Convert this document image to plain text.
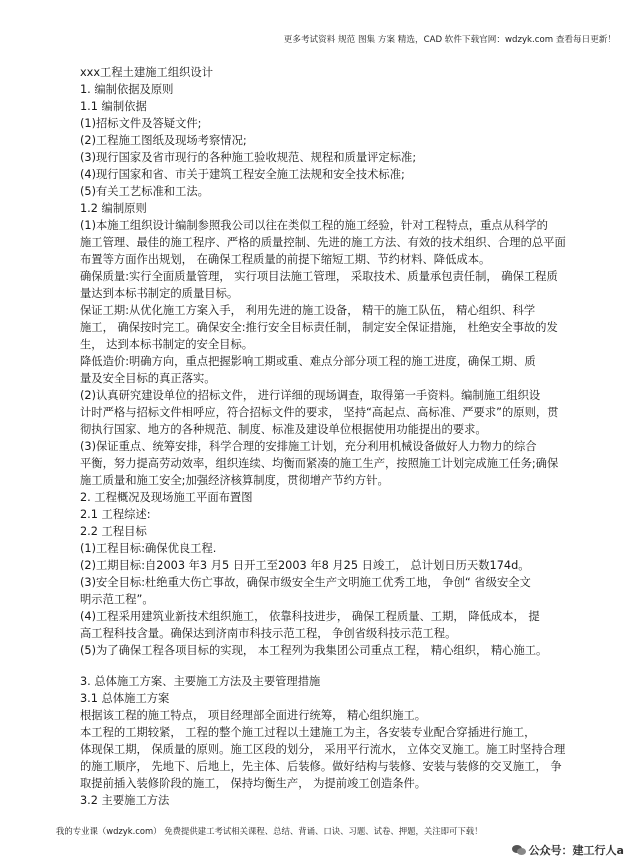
更多考试资料 规范 图集 方案 精选，CAD 软件下载官网：wdzyk.com 查看每日更新！
xxx工程土建施工组织设计
1. 编制依据及原则
1.1 编制依据
(1)招标文件及答疑文件;
(2)工程施工图纸及现场考察情况;
(3)现行国家及省市现行的各种施工验收规范、规程和质量评定标准;
(4)现行国家和省、市关于建筑工程安全施工法规和安全技术标准;
(5)有关工艺标准和工法。
1.2 编制原则
(1)本施工组织设计编制参照我公司以往在类似工程的施工经验，针对工程特点，重点从科学的
施工管理、最佳的施工程序、严格的质量控制、先进的施工方法、有效的技术组织、合理的总平面
布置等方面作出规划， 在确保工程质量的前提下缩短工期、节约材料、降低成本。
确保质量:实行全面质量管理， 实行项目法施工管理， 采取技术、质量承包责任制， 确保工程质
量达到本标书制定的质量目标。
保证工期:从优化施工方案入手， 利用先进的施工设备， 精干的施工队伍， 精心组织、科学
施工， 确保按时完工。确保安全:推行安全目标责任制， 制定安全保证措施， 杜绝安全事故的发
生， 达到本标书制定的安全目标。
降低造价:明确方向，重点把握影响工期或重、难点分部分项工程的施工进度，确保工期、质
量及安全目标的真正落实。
(2)认真研究建设单位的招标文件， 进行详细的现场调查，取得第一手资料。编制施工组织设
计时严格与招标文件相呼应，符合招标文件的要求， 坚持“高起点、高标准、严要求”的原则，贯
彻执行国家、地方的各种规范、制度、标准及建设单位根据使用功能提出的要求。
(3)保证重点、统筹安排，科学合理的安排施工计划，充分利用机械设备做好人力物力的综合
平衡，努力提高劳动效率，组织连续、均衡而紧凑的施工生产，按照施工计划完成施工任务;确保
施工质量和施工安全;加强经济核算制度，贯彻增产节约方针。
2. 工程概况及现场施工平面布置图
2.1 工程综述:
2.2 工程目标
(1)工程目标:确保优良工程.
(2)工期目标:自2003 年3 月5 日开工至2003 年8 月25 日竣工， 总计划日历天数174d。
(3)安全目标:杜绝重大伤亡事故，确保市级安全生产文明施工优秀工地， 争创“ 省级安全文
明示范工程”。
(4)工程采用建筑业新技术组织施工， 依靠科技进步， 确保工程质量、工期， 降低成本， 提
高工程科技含量。确保达到济南市科技示范工程， 争创省级科技示范工程。
(5)为了确保工程各项目标的实现， 本工程列为我集团公司重点工程， 精心组织， 精心施工。
3. 总体施工方案、主要施工方法及主要管理措施
3.1 总体施工方案
根据该工程的施工特点， 项目经理部全面进行统筹， 精心组织施工。
本工程的工期较紧， 工程的整个施工过程以土建施工为主，各安装专业配合穿插进行施工，
体现保工期， 保质量的原则。施工区段的划分， 采用平行流水， 立体交叉施工。施工时坚持合理
的施工顺序， 先地下、后地上，先主体、后装修。做好结构与装修、安装与装修的交叉施工， 争
取提前插入装修阶段的施工， 保持均衡生产， 为提前竣工创造条件。
3.2 主要施工方法
我的专业课（wdzyk.com） 免费提供建工考试相关课程、总结、背诵、口诀、习题、试卷、押题，关注即可下载！
公众号：建工行人a
